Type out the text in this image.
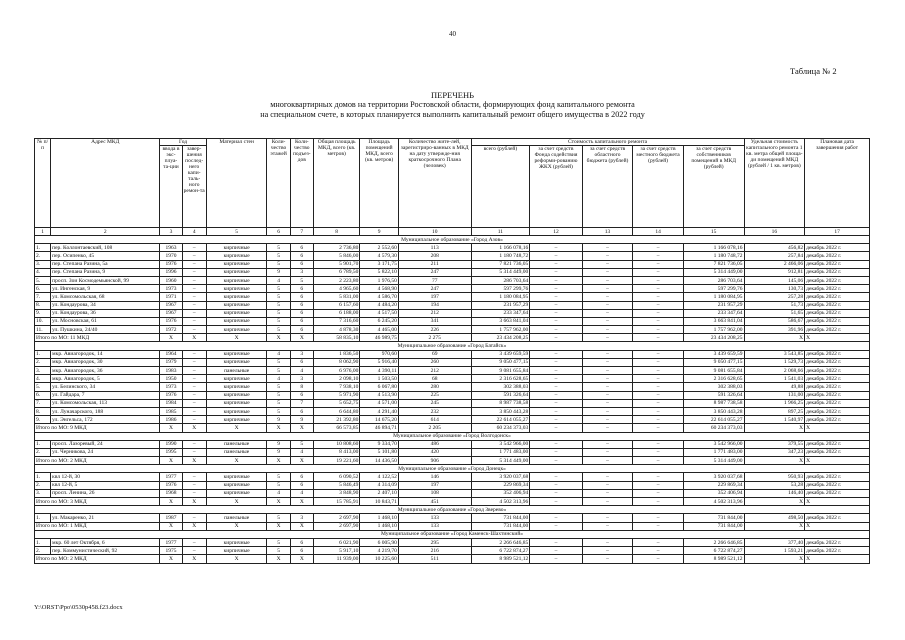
40
Таблица № 2
ПЕРЕЧЕНЬ
многоквартирных домов на территории Ростовской области, формирующих фонд капитального ремонта
на специальном счете, в которых планируется выполнить капитальный ремонт общего имущества в 2022 году
№ п/п	Адрес МКД	Год		Материал стен	Коли-чество этажей	Коли-чество подъез-дов	Общая площадь МКД, всего (кв. метров)	Площадь помещений МКД, всего (кв. метров)	Количество жите-лей, зарегистриро-ванных в МКД на дату утвержде-ния краткосрочного Плана (человек)	Стоимость капитального ремонта					Удельная стоимость капитального ремонта 1 кв. метра общей площа-ди помещений МКД (рублей / 1 кв. метров)	Плановая дата завершения работ
		ввода в экс-плуа-та-ции	завер-шения послед-него капи-таль-ного ремон-та							всего (рублей)	за счет средств Фонда содействия реформи-рованию ЖКХ (рублей)	за счет средств областного бюджета (рублей)	за счет средств местного бюджета (рублей)	за счет средств собственников помещений в МКД (рублей)		
1	2	3	4	5	6	7	8	9	10	11	12	13	14	15	16	17
Муниципальное образование «Город Азов»																
1.	пер. Коллонтаевский, 108	1963	–	кирпичные	5	6	2 736,80	2 552,60	113	1 166 078,16	–	–	–	1 166 078,16	456,82	декабрь 2022 г.
2.	пер. Осипенко, 45	1970	–	кирпичные	5	6	5 846,00	4 579,30	208	1 180 748,72	–	–	–	1 180 748,72	257,84	декабрь 2022 г.
3.	пер. Степана Разина, 5а	1976	–	кирпичные	5	6	5 901,70	3 171,75	211	7 821 736,05	–	–	–	7 821 736,05	2 466,06	декабрь 2022 г.
4.	пер. Степана Разина, 9	1996	–	кирпичные	9	3	6 789,50	5 822,10	247	5 314 449,00	–	–	–	5 314 449,00	912,81	декабрь 2022 г.
5.	просп. Зои Космодемьянской, 99	1960	–	кирпичные	4	5	2 223,80	1 976,50	77	286 703,64	–	–	–	286 703,64	145,06	декабрь 2022 г.
6.	ул. Ингенская, 9	1973	–	кирпичные	5	6	4 965,60	4 568,90	247	597 299,76	–	–	–	597 299,76	130,73	декабрь 2022 г.
7.	ул. Комсомольская, 68	1971	–	кирпичные	5	6	5 831,00	4 586,70	197	1 180 084,95	–	–	–	1 180 084,95	257,28	декабрь 2022 г.
8.	ул. Кондаурова, 34	1967	–	кирпичные	5	6	6 157,60	4 484,20	194	231 957,29	–	–	–	231 957,29	51,73	декабрь 2022 г.
9.	ул. Кондаурова, 36	1967	–	кирпичные	5	6	6 188,00	4 517,50	212	233 347,64	–	–	–	233 347,64	51,65	декабрь 2022 г.
10.	ул. Мосновская, 61	1976	–	кирпичные	5	6	7 316,60	6 245,20	341	3 663 841,04	–	–	–	3 663 841,04	586,67	декабрь 2022 г.
11.	ул. Пушкина, 24/40	1972	–	кирпичные	5	6	4 878,30	4 465,00	226	1 757 962,00	–	–	–	1 757 962,00	391,96	декабрь 2022 г.
Итого по МО: 11 МКД		X	X	X	X	X	58 835,10	46 989,75	2 275	23 434 208,25	–	–	–	23 434 208,25	X	X
Муниципальное образование «Город Батайск»																
1.	мкр. Авиагородок, 14	1964	–	кирпичные	4	3	1 836,50	970,60	69	3 439 659,59	–	–	–	3 439 659,59	3 543,85	декабрь 2022 г.
2.	мкр. Авиагородок, 30	1979	–	кирпичные	5	6	8 062,90	5 916,40	260	9 050 477,15	–	–	–	9 050 477,15	1 529,73	декабрь 2022 г.
3.	мкр. Авиагородок, 36	1983	–	панельные	5	4	6 976,00	4 390,11	212	9 081 655,84	–	–	–	9 081 655,84	2 068,66	декабрь 2022 г.
4.	мкр. Авиагородок, 5	1950	–	кирпичные	4	3	2 098,10	1 503,50	68	2 316 628,65	–	–	–	2 316 628,65	1 541,03	декабрь 2022 г.
5.	ул. Белинского, 34	1973	–	кирпичные	5	8	7 938,10	6 067,80	280	302 388,03	–	–	–	302 388,03	49,88	декабрь 2022 г.
6.	ул. Гайдара, 7	1976	–	кирпичные	5	6	5 971,90	4 513,90	225	591 326,64	–	–	–	591 326,64	131,00	декабрь 2022 г.
7.	ул. Комсомольская, 113	1984	–	кирпичные	5	7	5 652,75	4 571,00	245	8 987 738,58	–	–	–	8 987 738,58	1 966,25	декабрь 2022 г.
8.	ул. Луначарского, 188	1985	–	кирпичные	5	6	6 644,80	4 291,40	232	3 850 443,28	–	–	–	3 850 443,28	897,25	декабрь 2022 г.
9.	ул. Энгельса, 172	1986	–	кирпичные	9	9	21 392,80	14 675,20	614	22 614 055,27	–	–	–	22 614 055,27	1 540,97	декабрь 2022 г.
Итого по МО: 9 МКД		X	X	X	X	X	66 573,85	46 894,71	2 205	60 234 373,03	–	–	–	60 234 373,03	X	X
Муниципальное образование «Город Волгодонск»																
1.	просп. Лазоревый, 24	1990	–	панельные	9	5	10 808,60	9 334,70	486	3 542 966,00	–	–	–	3 542 966,00	379,55	декабрь 2022 г.
2.	ул. Черникова, 24	1995	–	панельные	9	4	8 413,00	5 101,80	420	1 771 483,00	–	–	–	1 771 483,00	347,23	декабрь 2022 г.
Итого по МО: 2 МКД		X	X	X	X	X	19 221,60	14 436,50	906	5 314 449,00	–	–	–	5 314 449,00	X	X
Муниципальное образование «Город Донецк»																
1.	квл 12-й, 30	1977	–	кирпичные	5	6	6 090,52	4 122,52	146	3 920 037,68	–	–	–	3 920 037,68	950,93	декабрь 2022 г.
2.	квл 12-й, 5	1976	–	кирпичные	5	6	5 846,49	4 314,09	197	229 869,34	–	–	–	229 869,34	53,28	декабрь 2022 г.
3.	просп. Ленина, 26	1968	–	кирпичные	4	4	3 848,90	2 407,10	108	352 406,94	–	–	–	352 406,94	146,40	декабрь 2022 г.
Итого по МО: 3 МКД		X	X	X	X	X	15 785,91	10 843,71	451	4 502 313,96	–	–	–	4 502 313,96	X	X
Муниципальное образование «Город Зверево»																
1.	ул. Макаренко, 21	1987	–	панельные	5	3	2 697,90	1 468,10	133	731 844,00	–	–	–	731 844,00	498,50	декабрь 2022 г.
Итого по МО: 1 МКД		X	X	X	X	X	2 697,90	1 468,10	133	731 844,00	–	–	–	731 844,00	X	X
Муниципальное образование «Город Каменск-Шахтинский»																
1.	мкр. 60 лет Октября, 6	1977	–	кирпичные	5	6	6 021,90	6 005,90	295	2 266 646,85	–	–	–	2 266 646,85	377,40	декабрь 2022 г.
2.	пер. Коммунистический, 92	1975	–	кирпичные	5	6	5 917,10	4 219,70	216	6 722 874,27	–	–	–	6 722 874,27	1 593,21	декабрь 2022 г.
Итого по МО: 2 МКД		X	X	X	X	X	11 939,00	10 225,60	511	8 989 521,12	–	–	–	8 989 521,12	X	X
Y:\ORST\Ppo\0530p458.f23.docx
